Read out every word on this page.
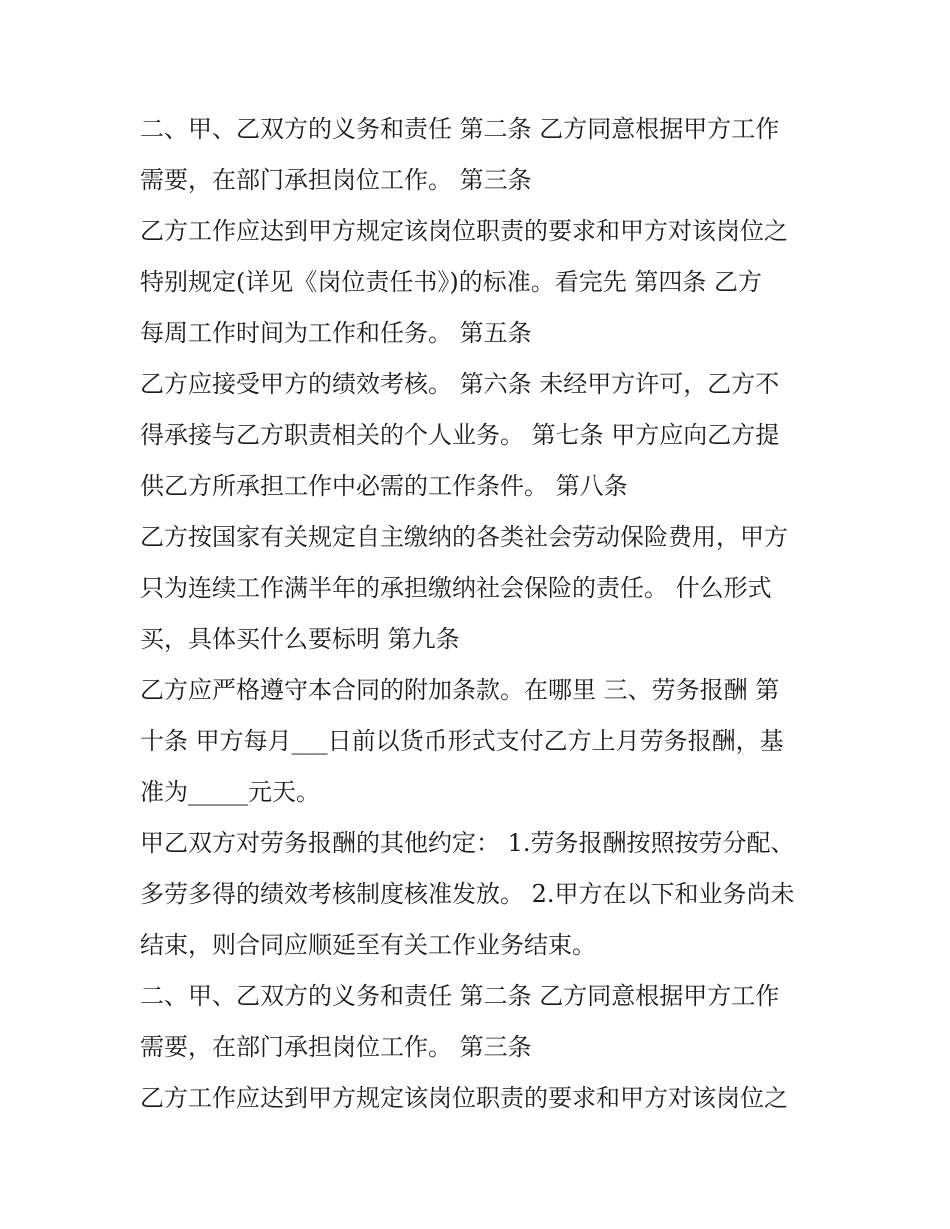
二、甲、乙双方的义务和责任 第二条 乙方同意根据甲方工作
需要，在部门承担岗位工作。 第三条
乙方工作应达到甲方规定该岗位职责的要求和甲方对该岗位之
特别规定(详见《岗位责任书》)的标准。看完先 第四条 乙方
每周工作时间为工作和任务。 第五条
乙方应接受甲方的绩效考核。 第六条 未经甲方许可，乙方不
得承接与乙方职责相关的个人业务。 第七条 甲方应向乙方提
供乙方所承担工作中必需的工作条件。 第八条
乙方按国家有关规定自主缴纳的各类社会劳动保险费用，甲方
只为连续工作满半年的承担缴纳社会保险的责任。 什么形式
买，具体买什么要标明 第九条
乙方应严格遵守本合同的附加条款。在哪里 三、劳务报酬 第
十条 甲方每月___日前以货币形式支付乙方上月劳务报酬，基
准为_____元天。
甲乙双方对劳务报酬的其他约定： 1.劳务报酬按照按劳分配、
多劳多得的绩效考核制度核准发放。 2.甲方在以下和业务尚未
结束，则合同应顺延至有关工作业务结束。
二、甲、乙双方的义务和责任 第二条 乙方同意根据甲方工作
需要，在部门承担岗位工作。 第三条
乙方工作应达到甲方规定该岗位职责的要求和甲方对该岗位之
